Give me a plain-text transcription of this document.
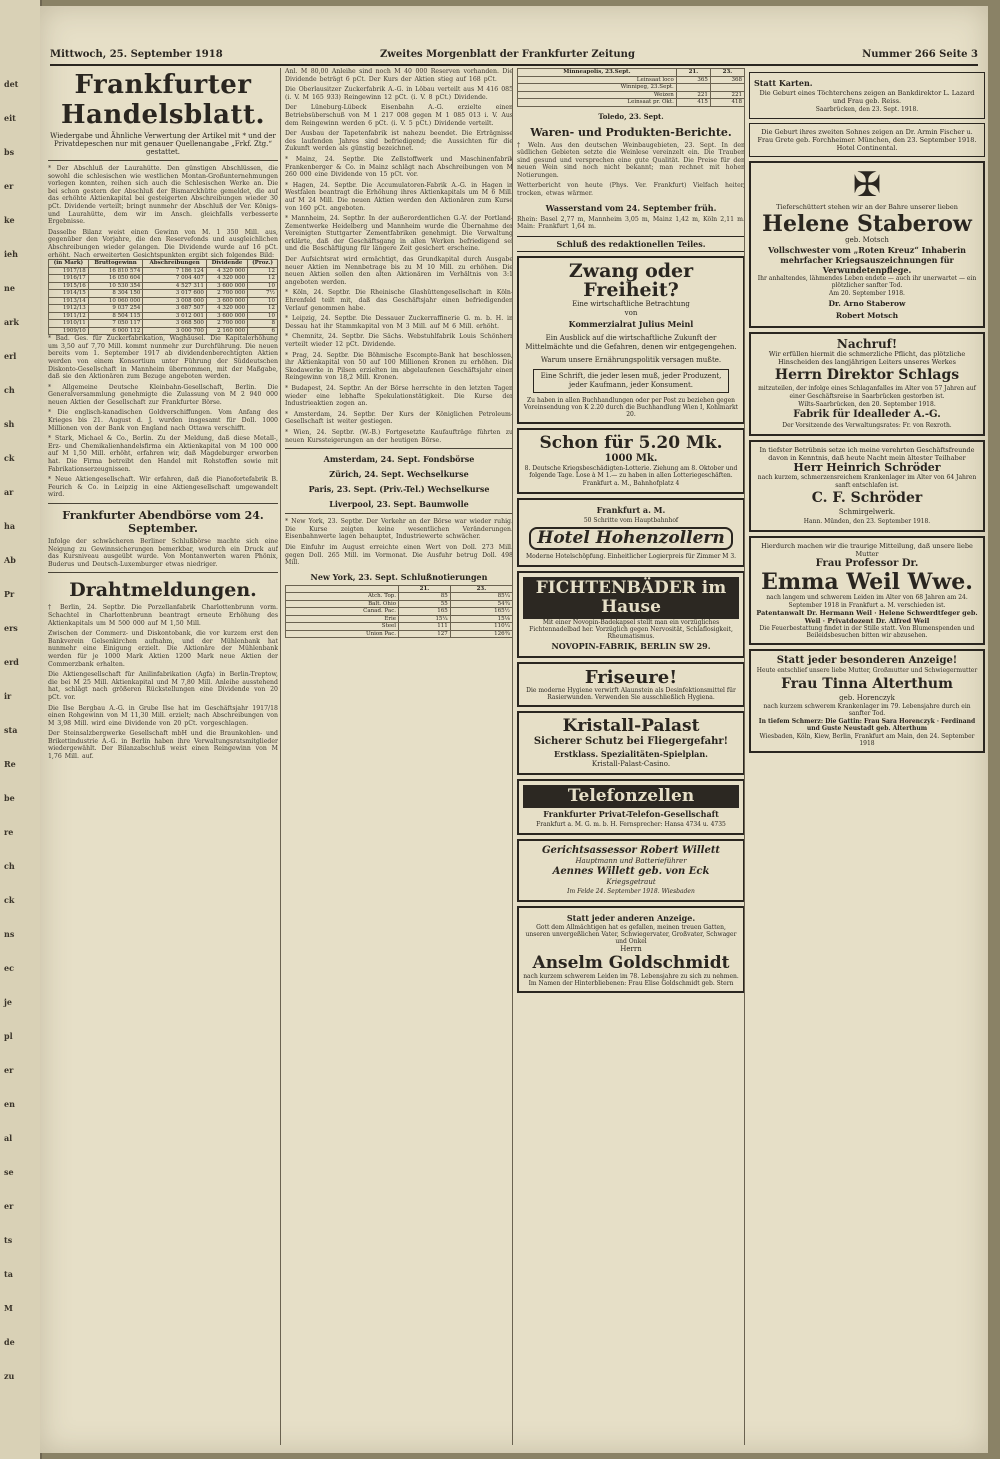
det
eit
bs
er
ke
ieh
ne
ark
erl
ch
sh
ck
ar
ha
Ab
Pr
ers
erd
ir
sta
Re
be
re
ch
ck
ns
ec
je
pl
er
en
al
se
er
ts
ta
M
de
zu
Mittwoch, 25. September 1918	Zweites Morgenblatt der Frankfurter Zeitung	Nummer 266 Seite 3
Frankfurter Handelsblatt.
Wiedergabe und Ähnliche Verwertung der Artikel mit * und der Privatdepeschen nur mit genauer Quellenangabe „Frkf. Ztg.“ gestattet.
* Der Abschluß der Laurahütte. Den günstigen Abschlüssen, die sowohl die schlesischen wie westlichen Montan-Großunternehmungen vorlegen konnten, reihen sich auch die Schlesischen Werke an. Die bei schon gestern der Abschluß der Bismarckhütte gemeldet, die auf das erhöhte Aktienkapital bei gesteigerten Abschreibungen wieder 30 pCt. Dividende verteilt; bringt nunmehr der Abschluß der Ver. Königs- und Laurahütte, dem wir im Ansch. gleichfalls verbesserte Ergebnisse.
Dasselbe Bilanz weist einen Gewinn von M. 1 350 Mill. aus, gegenüber den Vorjahre, die den Reservefonds und ausgleichlichen Abschreibungen wieder gelangen. Die Dividende wurde auf 16 pCt. erhöht. Nach erweiterten Gesichtspunkten ergibt sich folgendes Bild:
(in Mark)	Bruttogewinn	Abschreibungen	Dividende	(Proz.)
1917/18	16 810 574	7 186 124	4 320 000	12
1916/17	16 050 604	7 004 407	4 320 000	12
1915/16	10 530 354	4 527 311	3 600 000	10
1914/15	8 304 150	3 017 600	2 700 000	7½
1913/14	10 060 000	3 008 000	3 600 000	10
1912/13	9 037 254	3 687 507	4 320 000	12
1911/12	8 504 115	3 012 001	3 600 000	10
1910/11	7 050 117	3 068 500	2 700 000	8
1909/10	6 000 112	3 000 700	2 160 000	6
* Bad. Ges. für Zuckerfabrikation, Waghäusel. Die Kapitalerhöhung um 3,50 auf 7,70 Mill. kommt nunmehr zur Durchführung. Die neuen bereits vom 1. September 1917 ab dividendenberechtigten Aktien werden von einem Konsortium unter Führung der Süddeutschen Diskonto-Gesellschaft in Mannheim übernommen, mit der Maßgabe, daß sie den Aktionären zum Bezuge angeboten werden.
* Allgemeine Deutsche Kleinbahn-Gesellschaft, Berlin. Die Generalversammlung genehmigte die Zulassung von M 2 940 000 neuen Aktien der Gesellschaft zur Frankfurter Börse.
* Die englisch-kanadischen Goldverschiffungen. Vom Anfang des Krieges bis 21. August d. J. wurden insgesamt für Doll. 1000 Millionen von der Bank von England nach Ottawa verschifft.
* Stark, Michael & Co., Berlin. Zu der Meldung, daß diese Metall-, Erz- und Chemikalienhandelsfirma ein Aktienkapital von M 100 000 auf M 1,50 Mill. erhöht, erfahren wir, daß Magdeburger erworben hat. Die Firma betreibt den Handel mit Rohstoffen sowie mit Fabrikationserzeugnissen.
* Neue Aktiengesellschaft. Wir erfahren, daß die Pianofortefabrik B. Feurich & Co. in Leipzig in eine Aktiengesellschaft umgewandelt wird.
Frankfurter Abendbörse vom 24. September.
Infolge der schwächeren Berliner Schlußbörse machte sich eine Neigung zu Gewinnsicherungen bemerkbar, wodurch ein Druck auf das Kursniveau ausgeübt wurde. Von Montanwerten waren Phönix, Buderus und Deutsch-Luxemburger etwas niedriger.
Drahtmeldungen.
† Berlin, 24. Septbr. Die Porzellanfabrik Charlottenbrunn vorm. Schachtel in Charlottenbrunn beantragt erneute Erhöhung des Aktienkapitals um M 500 000 auf M 1,50 Mill.
Zwischen der Commerz- und Diskontobank, die vor kurzem erst den Bankverein Gelsenkirchen aufnahm, und der Mühlenbank hat nunmehr eine Einigung erzielt. Die Aktionäre der Mühlenbank werden für je 1000 Mark Aktien 1200 Mark neue Aktien der Commerzbank erhalten.
Die Aktiengesellschaft für Anilinfabrikation (Agfa) in Berlin-Treptow, die bei M 25 Mill. Aktienkapital und M 7,80 Mill. Anleihe ausstehend hat, schlägt nach größeren Rückstellungen eine Dividende von 20 pCt. vor.
Die Ilse Bergbau A.-G. in Grube Ilse hat im Geschäftsjahr 1917/18 einen Rohgewinn von M 11,30 Mill. erzielt; nach Abschreibungen von M 3,98 Mill. wird eine Dividende von 20 pCt. vorgeschlagen.
Der Steinsalzbergwerke Gesellschaft mbH und die Braunkohlen- und Brikettindustrie A.-G. in Berlin haben ihre Verwaltungsratsmitglieder wiedergewählt. Der Bilanzabschluß weist einen Reingewinn von M 1,76 Mill. auf.
Anl. M 80,00 Anleihe sind noch M 40 000 Reserven vorhanden. Die Dividende beträgt 6 pCt. Der Kurs der Aktien stieg auf 168 pCt.
Die Oberlausitzer Zuckerfabrik A.-G. in Löbau verteilt aus M 416 085 (i. V. M 165 933) Reingewinn 12 pCt. (i. V. 8 pCt.) Dividende.
Der Lüneburg-Lübeck Eisenbahn A.-G. erzielte einen Betriebsüberschuß von M 1 217 008 gegen M 1 085 013 i. V. Aus dem Reingewinn werden 6 pCt. (i. V. 5 pCt.) Dividende verteilt.
Der Ausbau der Tapetenfabrik ist nahezu beendet. Die Erträgnisse des laufenden Jahres sind befriedigend; die Aussichten für die Zukunft werden als günstig bezeichnet.
* Mainz, 24. Septbr. Die Zellstoffwerk und Maschinenfabrik Frankenberger & Co. in Mainz schlägt nach Abschreibungen von M 260 000 eine Dividende von 15 pCt. vor.
* Hagen, 24. Septbr. Die Accumulatoren-Fabrik A.-G. in Hagen in Westfalen beantragt die Erhöhung ihres Aktienkapitals um M 6 Mill. auf M 24 Mill. Die neuen Aktien werden den Aktionären zum Kurse von 160 pCt. angeboten.
* Mannheim, 24. Septbr. In der außerordentlichen G.-V. der Portland-Zementwerke Heidelberg und Mannheim wurde die Übernahme der Vereinigten Stuttgarter Zementfabriken genehmigt. Die Verwaltung erklärte, daß der Geschäftsgang in allen Werken befriedigend sei und die Beschäftigung für längere Zeit gesichert erscheine.
Der Aufsichtsrat wird ermächtigt, das Grundkapital durch Ausgabe neuer Aktien im Nennbetrage bis zu M 10 Mill. zu erhöhen. Die neuen Aktien sollen den alten Aktionären im Verhältnis von 3:1 angeboten werden.
* Köln, 24. Septbr. Die Rheinische Glashüttengesellschaft in Köln-Ehrenfeld teilt mit, daß das Geschäftsjahr einen befriedigenden Verlauf genommen habe.
* Leipzig, 24. Septbr. Die Dessauer Zuckerraffinerie G. m. b. H. in Dessau hat ihr Stammkapital von M 3 Mill. auf M 6 Mill. erhöht.
* Chemnitz, 24. Septbr. Die Sächs. Webstuhlfabrik Louis Schönherr verteilt wieder 12 pCt. Dividende.
* Prag, 24. Septbr. Die Böhmische Escompte-Bank hat beschlossen, ihr Aktienkapital von 50 auf 100 Millionen Kronen zu erhöhen. Die Skodawerke in Pilsen erzielten im abgelaufenen Geschäftsjahr einen Reingewinn von 18,2 Mill. Kronen.
* Budapest, 24. Septbr. An der Börse herrschte in den letzten Tagen wieder eine lebhafte Spekulationstätigkeit. Die Kurse der Industrieaktien zogen an.
* Amsterdam, 24. Septbr. Der Kurs der Königlichen Petroleum-Gesellschaft ist weiter gestiegen.
* Wien, 24. Septbr. (W.-B.) Fortgesetzte Kaufaufträge führten zu neuen Kurssteigerungen an der heutigen Börse.
Amsterdam, 24. Sept. Fondsbörse
Zürich, 24. Sept. Wechselkurse
Paris, 23. Sept. (Priv.-Tel.) Wechselkurse
Liverpool, 23. Sept. Baumwolle
* New York, 23. Septbr. Der Verkehr an der Börse war wieder ruhig. Die Kurse zeigten keine wesentlichen Veränderungen. Eisenbahnwerte lagen behauptet, Industriewerte schwächer.
Die Einfuhr im August erreichte einen Wert von Doll. 273 Mill. gegen Doll. 265 Mill. im Vormonat. Die Ausfuhr betrug Doll. 498 Mill.
New York, 23. Sept. Schlußnotierungen
	21.	23.
Atch. Top.	85	85¼
Balt. Ohio	55	54¾
Canad. Pac.	165	165½
Erie	15¼	15⅛
Steel	111	110¼
Union Pac.	127	126¾
Minneapolis, 23.Sept.	21.	23.
Leinsaat loco	365	368
Winnipeg, 23.Sept.		
Weizen	221	221
Leinsaat pr. Okt.	415	418
Toledo, 23. Sept.
Waren- und Produkten-Berichte.
† Weln. Aus den deutschen Weinbaugebieten, 23. Sept. In den südlichen Gebieten setzte die Weinlese vereinzelt ein. Die Trauben sind gesund und versprechen eine gute Qualität. Die Preise für den neuen Wein sind noch nicht bekannt; man rechnet mit hohen Notierungen.
Wetterbericht von heute (Phys. Ver. Frankfurt) Vielfach heiter, trocken, etwas wärmer.
Wasserstand vom 24. September früh.
Rhein: Basel 2,77 m, Mannheim 3,05 m, Mainz 1,42 m, Köln 2,11 m. Main: Frankfurt 1,64 m.
Schluß des redaktionellen Teiles.
Zwang oder Freiheit?
Eine wirtschaftliche Betrachtung
von
Kommerzialrat Julius Meinl
Ein Ausblick auf die wirtschaftliche Zukunft der Mittelmächte und die Gefahren, denen wir entgegengehen.
Warum unsere Ernährungspolitik versagen mußte.
Eine Schrift, die jeder lesen muß, jeder Produzent, jeder Kaufmann, jeder Konsument.
Zu haben in allen Buchhandlungen oder per Post zu beziehen gegen Voreinsendung von K 2.20 durch die Buchhandlung Wien I, Kohlmarkt 20.
Schon für 5.20 Mk.
1000 Mk.
8. Deutsche Kriegsbeschädigten-Lotterie. Ziehung am 8. Oktober und folgende Tage. Lose à M 1.— zu haben in allen Lotteriegeschäften.
Frankfurt a. M., Bahnhofplatz 4
Frankfurt a. M.
50 Schritte vom Hauptbahnhof
Hotel Hohenzollern
Moderne Hotelschöpfung. Einheitlicher Logierpreis für Zimmer M 3.
FICHTENBÄDER im Hause
Mit einer Novopin-Badekapsel stellt man ein vorzügliches Fichtennadelbad her. Vorzüglich gegen Nervosität, Schlaflosigkeit, Rheumatismus.
NOVOPIN-FABRIK, BERLIN SW 29.
Friseure!
Die moderne Hygiene verwirft Alaunstein als Desinfektionsmittel für Rasierwunden. Verwenden Sie ausschließlich Hygiena.
Kristall-Palast
Sicherer Schutz bei Fliegergefahr!
Erstklass. Spezialitäten-Spielplan.
Kristall-Palast-Casino.
Telefonzellen
Frankfurter Privat-Telefon-Gesellschaft
Frankfurt a. M. G. m. b. H. Fernsprecher: Hansa 4734 u. 4735
Gerichtsassessor Robert Willett
Hauptmann und Batterieführer
Aennes Willett geb. von Eck
Kriegsgetraut
Im Felde 24. September 1918. Wiesbaden
Statt jeder anderen Anzeige.
Gott dem Allmächtigen hat es gefallen, meinen treuen Gatten, unseren unvergeßlichen Vater, Schwiegervater, Großvater, Schwager und Onkel
Herrn
Anselm Goldschmidt
nach kurzem schwerem Leiden im 78. Lebensjahre zu sich zu nehmen.
Im Namen der Hinterbliebenen: Frau Elise Goldschmidt geb. Stern
Statt Karten.
Die Geburt eines Töchterchens zeigen an Bankdirektor L. Lazard und Frau geb. Reiss.
Saarbrücken, den 23. Sept. 1918.
Die Geburt ihres zweiten Sohnes zeigen an Dr. Armin Fischer u. Frau Grete geb. Forchheimer. München, den 23. September 1918. Hotel Continental.
✠
Tieferschüttert stehen wir an der Bahre unserer lieben
Helene Staberow
geb. Motsch
Vollschwester vom „Roten Kreuz“ Inhaberin mehrfacher Kriegsauszeichnungen für Verwundetenpflege.
Ihr anhaltendes, lähmendes Leben endete — auch ihr unerwartet — ein plötzlicher sanfter Tod.
Am 20. September 1918.
Dr. Arno Staberow
Robert Motsch
Nachruf!
Wir erfüllen hiermit die schmerzliche Pflicht, das plötzliche Hinscheiden des langjährigen Leiters unseres Werkes
Herrn Direktor Schlags
mitzuteilen, der infolge eines Schlaganfalles im Alter von 57 Jahren auf einer Geschäftsreise in Saarbrücken gestorben ist.
Wilts-Saarbrücken, den 20. September 1918.
Fabrik für Idealleder A.-G.
Der Vorsitzende des Verwaltungsrates: Fr. von Rexroth.
In tiefster Betrübnis setze ich meine verehrten Geschäftsfreunde davon in Kenntnis, daß heute Nacht mein ältester Teilhaber
Herr Heinrich Schröder
nach kurzem, schmerzensreichem Krankenlager im Alter von 64 Jahren sanft entschlafen ist.
C. F. Schröder
Schmirgelwerk.
Hann. Münden, den 23. September 1918.
Hierdurch machen wir die traurige Mitteilung, daß unsere liebe Mutter
Frau Professor Dr.
Emma Weil Wwe.
nach langem und schwerem Leiden im Alter von 68 Jahren am 24. September 1918 in Frankfurt a. M. verschieden ist.
Patentanwalt Dr. Hermann Weil · Helene Schwerdtfeger geb. Weil · Privatdozent Dr. Alfred Weil
Die Feuerbestattung findet in der Stille statt. Von Blumenspenden und Beileidsbesuchen bitten wir abzusehen.
Statt jeder besonderen Anzeige!
Heute entschlief unsere liebe Mutter, Großmutter und Schwiegermutter
Frau Tinna Alterthum
geb. Horenczyk
nach kurzem schwerem Krankenlager im 79. Lebensjahre durch ein sanfter Tod.
In tiefem Schmerz: Die Gattin: Frau Sara Horenczyk · Ferdinand und Guste Neustadt geb. Alterthum
Wiesbaden, Köln, Kiew, Berlin, Frankfurt am Main, den 24. September 1918
